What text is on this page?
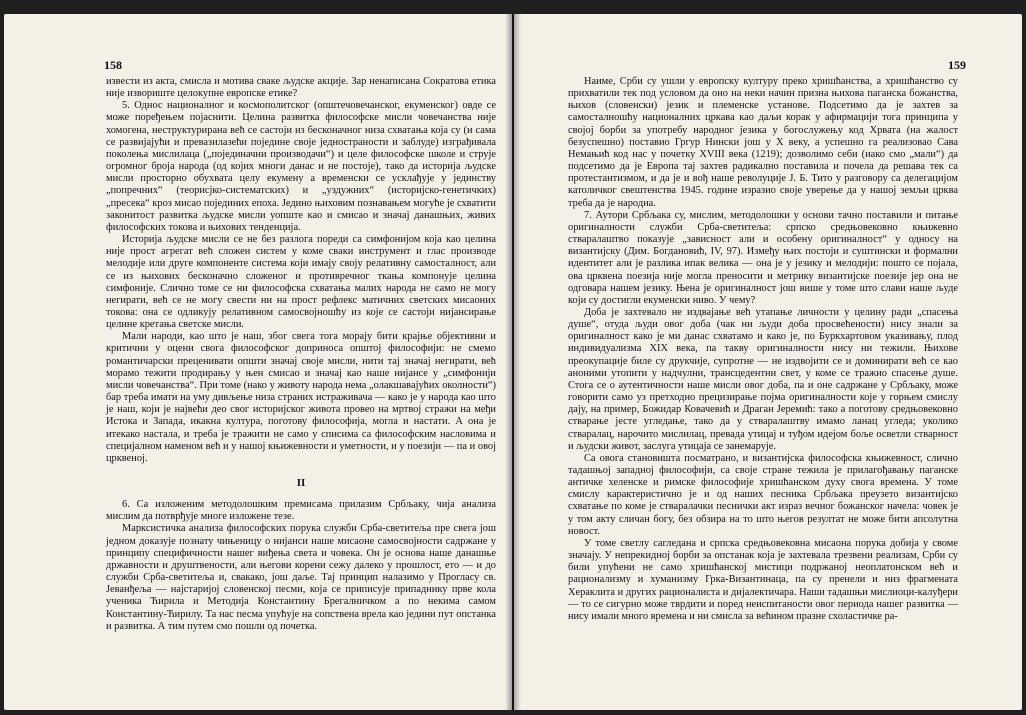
158

извести из акта, смисла и мотива сваке људске акције. Зар ненаписана Сократова етика није извориште целокупне европске етике?

5. Однос националног и космополитског (општечовечанског, екуменског) овде се може поређењем појаснити. Целина развитка философске мисли човечанства није хомогена, неструктурирана већ се састоји из бесконачног низа схватања која су (и сама се развијајући и превазилазећи поједине своје једностраности и заблуде) изграђивала поколења мислилаца („појединачни производачи“) и целе философске школе и струје огромног броја народа (од којих многи данас и не постоје), тако да историја људске мисли просторно обухвата целу екумену а временски се усклађује у јединству „попречних“ (теорисјко-систематских) и „уздужних“ (историјско-генетичких) „пресека“ кроз мисао појединих епоха. Једино њиховим познавањем могуће је схватити законитост развитка људске мисли уопште као и смисао и значај данашњих, живих философских токова и њихових тенденција.

Историја људске мисли се не без разлога пореди са симфонијом која као целина није прост агрегат већ сложен систем у коме сваки инструмент и глас производе мелодије или друге компоненте система који имају своју релативну самосталност, али се из њихових бесконачно сложеног и противречног ткања компонује целина симфоније. Слично томе се ни философска схватања малих народа не само не могу негирати, већ се не могу свести ни на прост рефлекс матичних светских мисаоних токова: она се одликују релативном самосвојношћу из које се састоји нијансирање целине кретања светске мисли.

Мали народи, као што је наш, због свега тога морају бити крајње објективни и критични у оцени свога философског доприноса општој философији: не смемо романтичарски преценивати општи значај своје мисли, нити тај значај негирати, већ морамо тежити продирању у њен смисао и значај као наше нијансе у „симфонији мисли човечанства“. При томе (нако у животу народа нема „олакшавајућих околности“) бар треба имати на уму дивљење низа страних истраживача — како је у народа као што је наш, који је највећи део свог историјског живота провео на мртвој стражи на међи Истока и Запада, икакна култура, поготову философија, могла и настати. А она је итекако настала, и треба је тражити не само у списима са философским насловима и специјалном наменом већ и у нашој књижевности и уметности, и у поезији — па и овој црквеној.

II

6. Са изложеним методолошким премисама прилазим Србљаку, чија анализа мислим да потврђује многе изложене тезе.

Марксистичка анализа философских порука служби Срба-светитеља пре свега још једном доказује познату чињеницу о нијанси наше мисаоне самосвојности садржане у принципу специфичности нашег виђења света и човека. Он је основа наше данашње државности и друштвености, али његови корени сежу далеко у прошлост, ето — и до служби Срба-светитеља и, свакако, још даље. Тај принцип налазимо у Прогласу св. Јеванђеља — најстаријој словенској песми, која се приписује припаднику прве кола ученика Ћирила и Методија Константину Брегалничком а по некима самом Константину-Ћирилу. Та нас песма упућује на сопствена врела као једини пут опстанка и развитка. А тим путем смо пошли од почетка.

159

Наиме, Срби су ушли у европску културу преко хришћанства, а хришћанство су прихватили тек под условом да оно на неки начин призна њихова паганска божанства, њихов (словенски) језик и племенске установе. Подсетимо да је захтев за самосталношћу националних цркава као даљи корак у афирмацији тога принципа у својој борби за употребу народног језика у богослужењу код Хрвата (на жалост безуспешно) поставио Гргур Нински још у X веку, а успешно га реализовао Сава Немањић код нас у почетку XVIII века (1219); дозволимо себи (иако смо „мали“) да подсетимо да је Европа тај захтев радикално поставила и почела да решава тек са протестантизмом, и да је и вођ наше револуције Ј. Б. Тито у разговору са делегацијом католичког свештенства 1945. године изразио своје уверење да у нашој земљи црква треба да је народна.

7. Аутори Србљака су, мислим, методолошки у основи тачно поставили и питање оригиналности служби Срба-светитеља: српско средњовековно књижевно стваралаштво показује „зависност али и особену оригиналност“ у односу на византијску (Дим. Богдановић, IV, 97). Између њих постоји и суштински и формални идентитет али је разлика ипак велика — она је у језику и мелодији: пошто се појала, ова црквена поезија није могла преносити и метрику византијске поезије јер она не одговара нашем језику. Њена је оригиналност још више у томе што слави наше људе који су достигли екуменски ниво. У чему?

Доба је захтевало не издвајање већ утапање личности у целину ради „спасења душе“, отуда људи овог доба (чак ни људи доба просвећености) нису знали за оригиналност како је ми данас схватамо и како је, по Буркхартовом указивању, плод индивидуализма XIX века, па такву оригиналности нису ни тежили. Њихове преокупације биле су друкчије, супротне — не издвојити се и доминирати већ се као аноними утопити у надчулни, трансцедентни свет, у коме се тражио спасење душе. Стога се о аутентичности наше мисли овог доба, па и оне садржане у Србљаку, може говорити само уз претходно прецизирање појма оригиналности које у горњем смислу дају, на пример, Божидар Ковачевић и Драган Јеремић: тако а поготову средњовековно стварање јесте угледање, тако да у стваралаштву имамо ланац угледа; уколико стваралац, нарочито мислилац, превада утицај и туђом идејом боље осветли стварност и људски живот, заслуга утицаја се занемарује.

Са овога становишта посматрано, и византијска философска књижевност, слично тадашњој западној философији, са своје стране тежила је прилагођавању паганске античке хеленске и римске философије хришћанском духу свога времена. У томе смислу карактеристично је и од наших песника Србљака преузето византијско схватање по коме је стваралачки песнички акт израз вечног божанског начела: човек је у том акту сличан богу, без обзира на то што његов резултат не може бити апсолутна новост.

У томе светлу сагледана и српска средњовековна мисаона порука добија у своме значају. У непрекидној борби за опстанак која је захтевала трезвени реализам, Срби су били упућени не само хришћанској мистици подржаној неоплатонском већ и рационализму и хуманизму Грка-Византинаца, па су пренели и низ фрагмената Хераклита и других рационалиста и дијалектичара. Наши тадашњи мислиоци-калуђери — то се сигурно може тврдити и поред неиспитаности овог периода нашег развитка — нису имали много времена и ни смисла за већином празне схоластичке ра-
